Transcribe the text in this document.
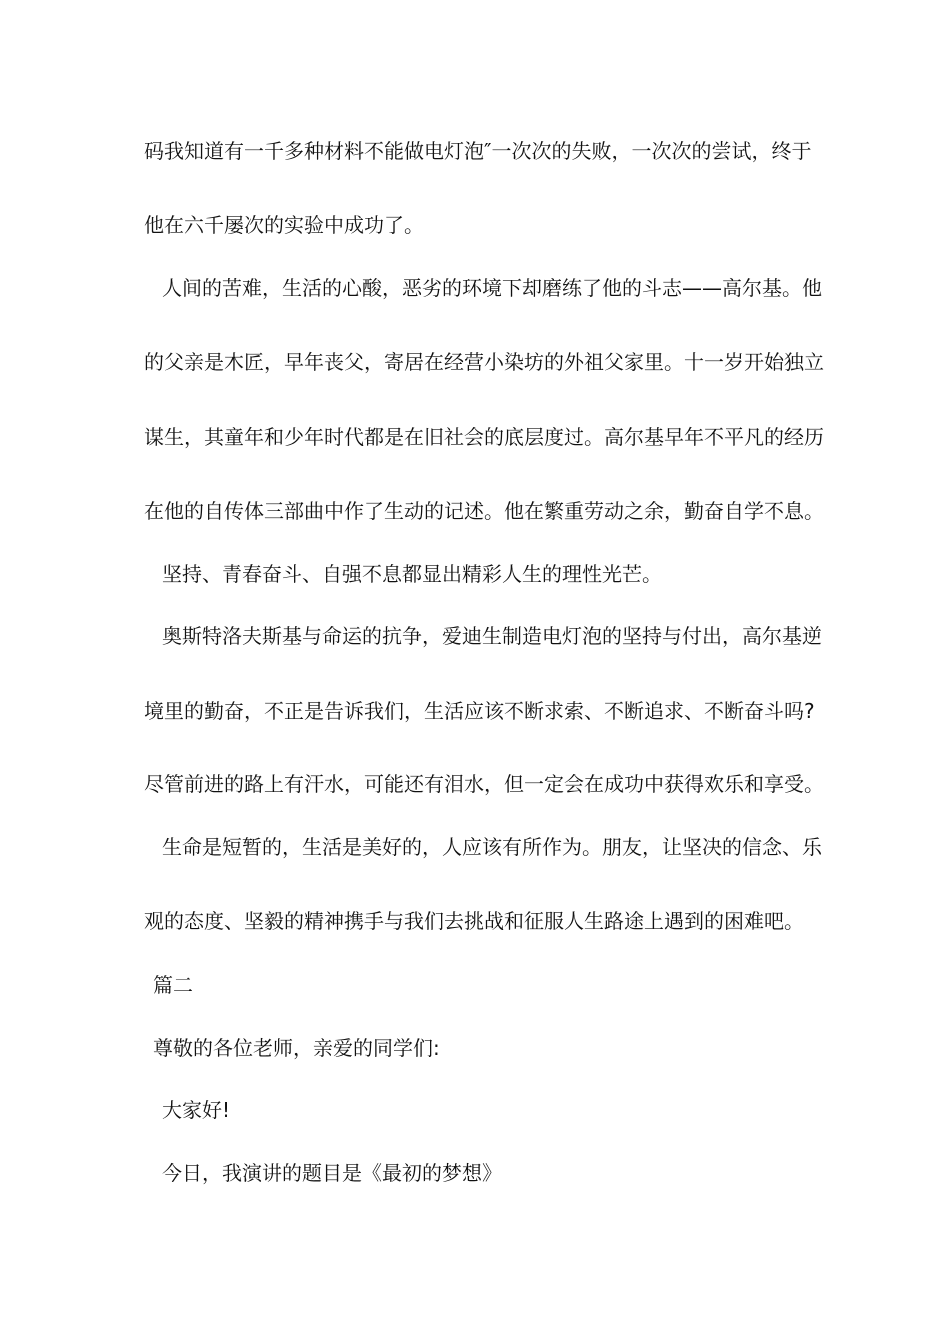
码我知道有一千多种材料不能做电灯泡″一次次的失败，一次次的尝试，终于
他在六千屡次的实验中成功了。
人间的苦难，生活的心酸，恶劣的环境下却磨练了他的斗志——高尔基。他
的父亲是木匠，早年丧父，寄居在经营小染坊的外祖父家里。十一岁开始独立
谋生，其童年和少年时代都是在旧社会的底层度过。高尔基早年不平凡的经历
在他的自传体三部曲中作了生动的记述。他在繁重劳动之余，勤奋自学不息。
坚持、青春奋斗、自强不息都显出精彩人生的理性光芒。
奥斯特洛夫斯基与命运的抗争，爱迪生制造电灯泡的坚持与付出，高尔基逆
境里的勤奋，不正是告诉我们，生活应该不断求索、不断追求、不断奋斗吗?
尽管前进的路上有汗水，可能还有泪水，但一定会在成功中获得欢乐和享受。
生命是短暂的，生活是美好的，人应该有所作为。朋友，让坚决的信念、乐
观的态度、坚毅的精神携手与我们去挑战和征服人生路途上遇到的困难吧。
篇二
尊敬的各位老师，亲爱的同学们:
大家好!
今日，我演讲的题目是《最初的梦想》
